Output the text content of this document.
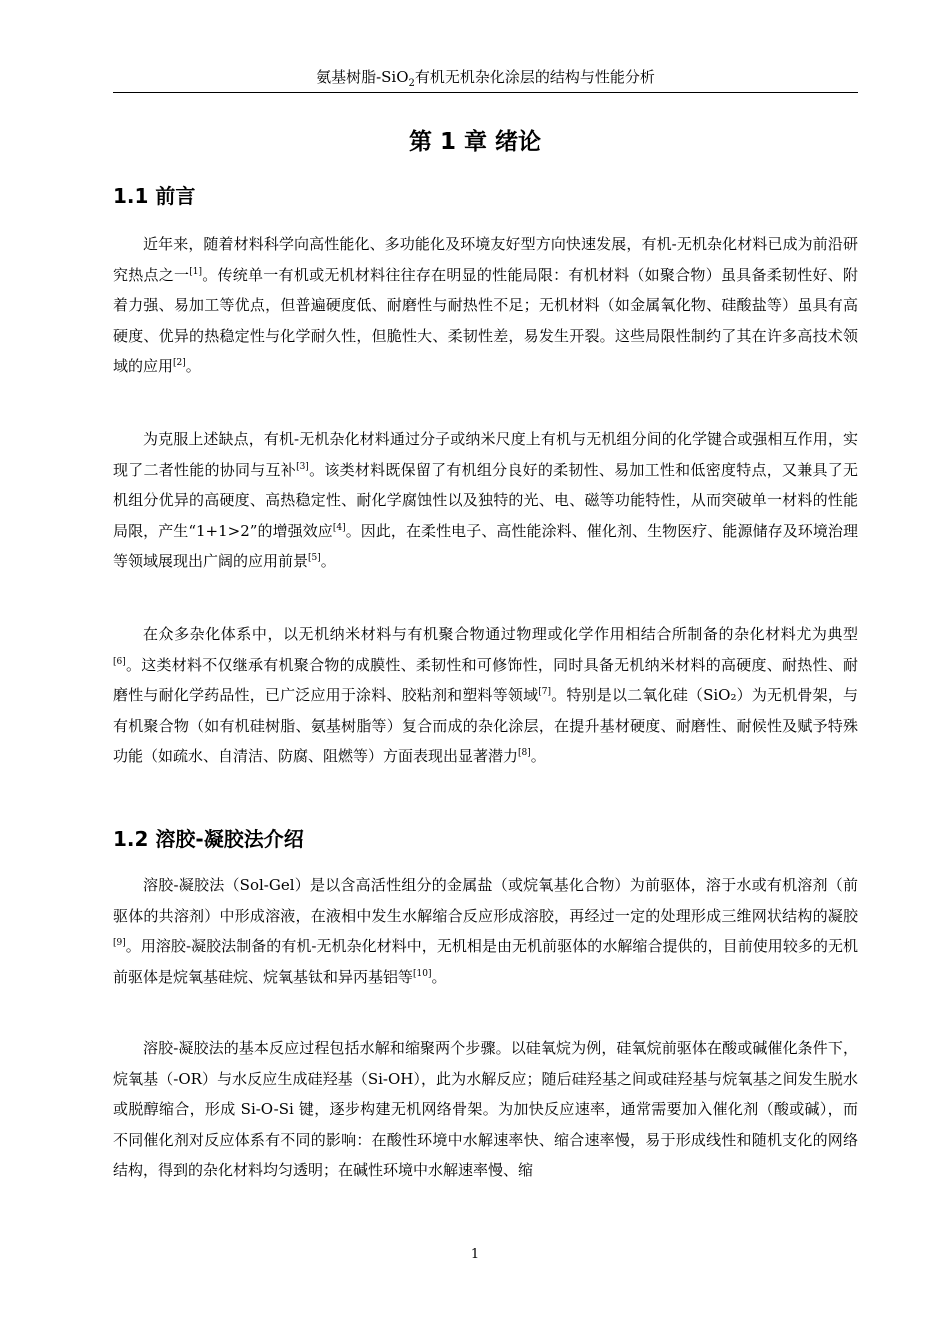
氨基树脂-SiO$_2$有机无机杂化涂层的结构与性能分析
第 1 章 绪论
1.1 前言

近年来，随着材料科学向高性能化、多功能化及环境友好型方向快速发展，有机-无机杂化材料已成为前沿研究热点之一[1]。传统单一有机或无机材料往往存在明显的性能局限：有机材料（如聚合物）虽具备柔韧性好、附着力强、易加工等优点，但普遍硬度低、耐磨性与耐热性不足；无机材料（如金属氧化物、硅酸盐等）虽具有高硬度、优异的热稳定性与化学耐久性，但脆性大、柔韧性差，易发生开裂。这些局限性制约了其在许多高技术领域的应用[2]。

为克服上述缺点，有机-无机杂化材料通过分子或纳米尺度上有机与无机组分间的化学键合或强相互作用，实现了二者性能的协同与互补[3]。该类材料既保留了有机组分良好的柔韧性、易加工性和低密度特点，又兼具了无机组分优异的高硬度、高热稳定性、耐化学腐蚀性以及独特的光、电、磁等功能特性，从而突破单一材料的性能局限，产生“1+1>2”的增强效应[4]。因此，在柔性电子、高性能涂料、催化剂、生物医疗、能源储存及环境治理等领域展现出广阔的应用前景[5]。

在众多杂化体系中，以无机纳米材料与有机聚合物通过物理或化学作用相结合所制备的杂化材料尤为典型[6]。这类材料不仅继承有机聚合物的成膜性、柔韧性和可修饰性，同时具备无机纳米材料的高硬度、耐热性、耐磨性与耐化学药品性，已广泛应用于涂料、胶粘剂和塑料等领域[7]。特别是以二氧化硅（SiO₂）为无机骨架，与有机聚合物（如有机硅树脂、氨基树脂等）复合而成的杂化涂层，在提升基材硬度、耐磨性、耐候性及赋予特殊功能（如疏水、自清洁、防腐、阻燃等）方面表现出显著潜力[8]。

1.2 溶胶-凝胶法介绍

溶胶-凝胶法（Sol-Gel）是以含高活性组分的金属盐（或烷氧基化合物）为前驱体，溶于水或有机溶剂（前驱体的共溶剂）中形成溶液，在液相中发生水解缩合反应形成溶胶，再经过一定的处理形成三维网状结构的凝胶[9]。用溶胶-凝胶法制备的有机-无机杂化材料中，无机相是由无机前驱体的水解缩合提供的，目前使用较多的无机前驱体是烷氧基硅烷、烷氧基钛和异丙基铝等[10]。

溶胶-凝胶法的基本反应过程包括水解和缩聚两个步骤。以硅氧烷为例，硅氧烷前驱体在酸或碱催化条件下，烷氧基（-OR）与水反应生成硅羟基（Si-OH），此为水解反应；随后硅羟基之间或硅羟基与烷氧基之间发生脱水或脱醇缩合，形成 Si-O-Si 键，逐步构建无机网络骨架。为加快反应速率，通常需要加入催化剂（酸或碱），而不同催化剂对反应体系有不同的影响：在酸性环境中水解速率快、缩合速率慢，易于形成线性和随机支化的网络结构，得到的杂化材料均匀透明；在碱性环境中水解速率慢、缩

1
